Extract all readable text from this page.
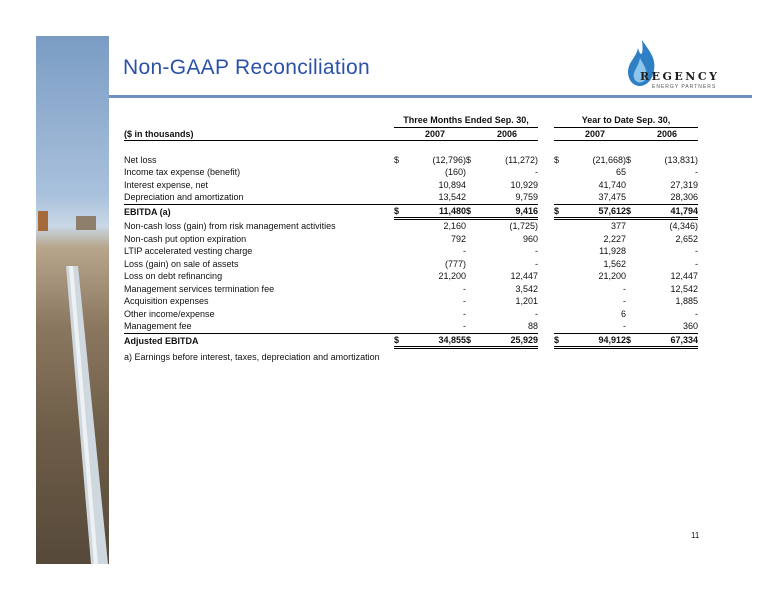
Non-GAAP Reconciliation	REGENCY
ENERGY PARTNERS
	Three Months Ended Sep. 30,					Year to Date Sep. 30,			
($ in thousands)		2007		2006			2007		2006

Net loss	$	(12,796)	$	(11,272)		$	(21,668)	$	(13,831)
Income tax expense (benefit)		(160)		-			65		-
Interest expense, net		10,894		10,929			41,740		27,319
Depreciation and amortization		13,542		9,759			37,475		28,306
EBITDA (a)	$	11,480	$	9,416		$	57,612	$	41,794
Non-cash loss (gain) from risk management activities		2,160		(1,725)			377		(4,346)
Non-cash put option expiration		792		960			2,227		2,652
LTIP accelerated vesting charge		-		-			11,928		-
Loss (gain) on sale of assets		(777)		-			1,562		-
Loss on debt refinancing		21,200		12,447			21,200		12,447
Management services termination fee		-		3,542			-		12,542
Acquisition expenses		-		1,201			-		1,885
Other income/expense		-		-			6		-
Management fee		-		88			-		360
Adjusted EBITDA	$	34,855	$	25,929		$	94,912	$	67,334
a) Earnings before interest, taxes, depreciation and amortization									
11
